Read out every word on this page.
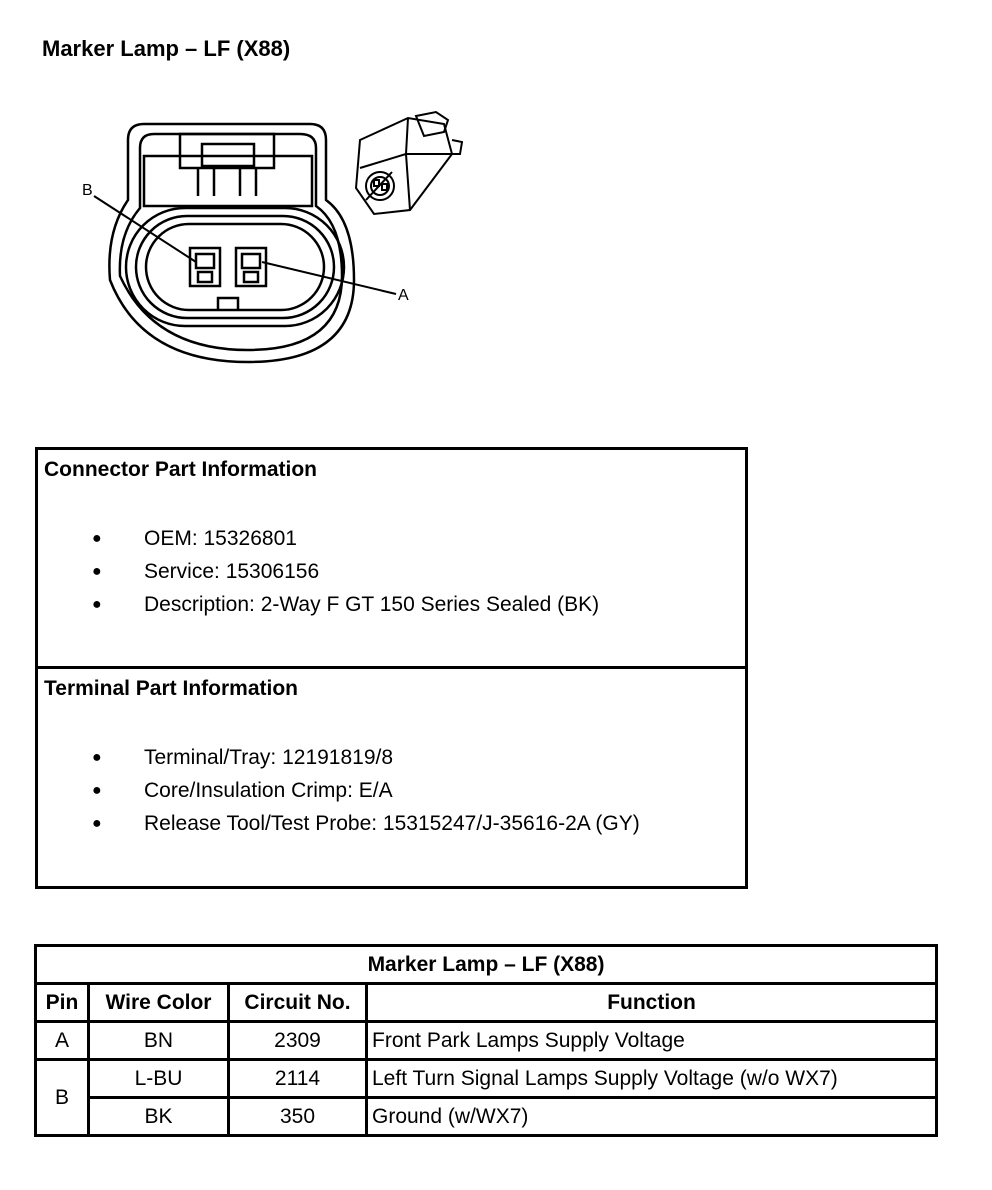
Marker Lamp – LF (X88)
B
A
Connector Part Information
● OEM: 15326801
● Service: 15306156
● Description: 2-Way F GT 150 Series Sealed (BK)
Terminal Part Information
● Terminal/Tray: 12191819/8
● Core/Insulation Crimp: E/A
● Release Tool/Test Probe: 15315247/J-35616-2A (GY)
Marker Lamp – LF (X88)			
Pin	Wire Color	Circuit No.	Function
A	BN	2309	Front Park Lamps Supply Voltage
B	L-BU	2114	Left Turn Signal Lamps Supply Voltage (w/o WX7)
	BK	350	Ground (w/WX7)
